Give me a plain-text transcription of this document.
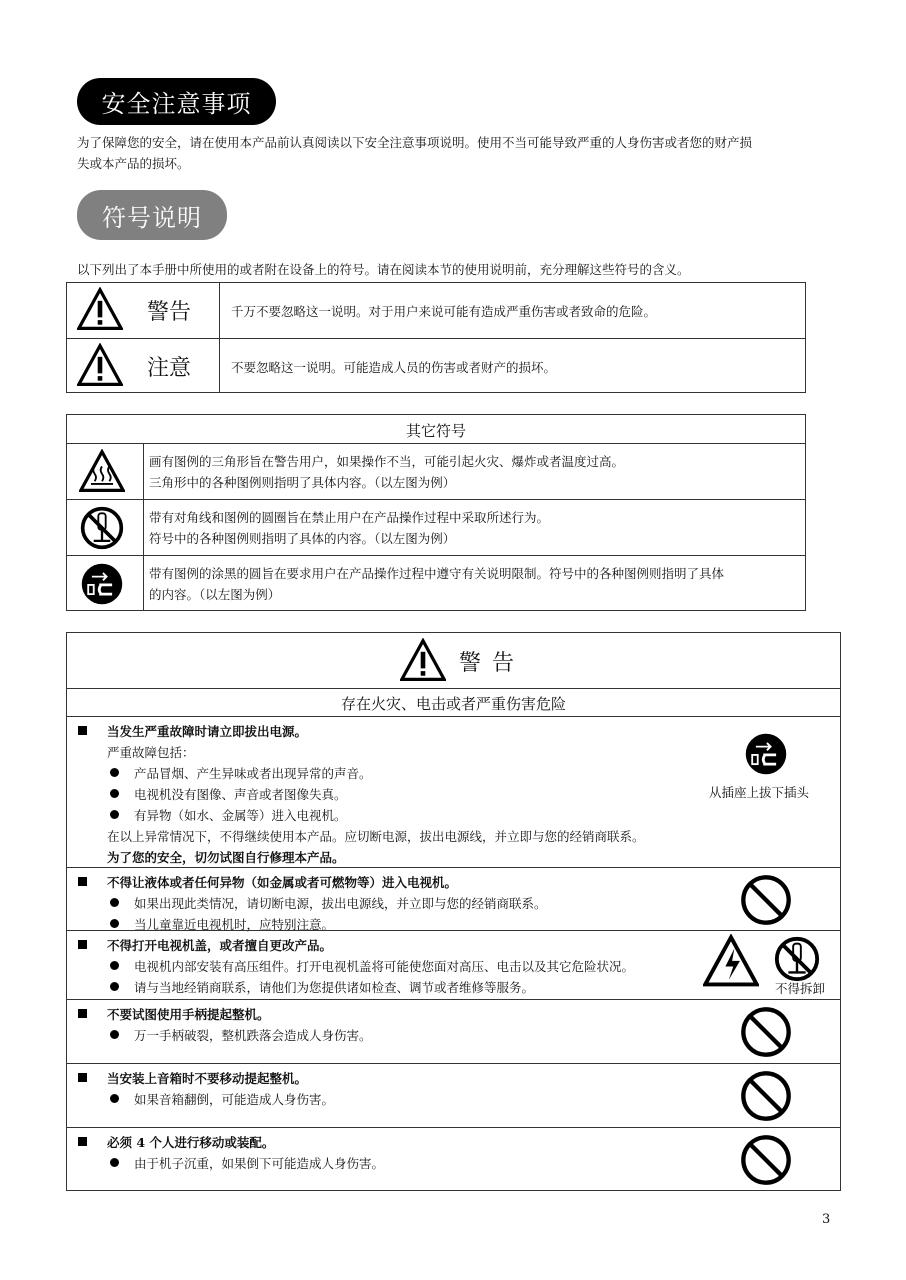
安全注意事项
为了保障您的安全，请在使用本产品前认真阅读以下安全注意事项说明。使用不当可能导致严重的人身伤害或者您的财产损
失或本产品的损坏。
符号说明
以下列出了本手册中所使用的或者附在设备上的符号。请在阅读本节的使用说明前，充分理解这些符号的含义。
警告	千万不要忽略这一说明。对于用户来说可能有造成严重伤害或者致命的危险。
注意	不要忽略这一说明。可能造成人员的伤害或者财产的损坏。
其它符号
画有图例的三角形旨在警告用户，如果操作不当，可能引起火灾、爆炸或者温度过高。
三角形中的各种图例则指明了具体内容。（以左图为例）
带有对角线和图例的圆圈旨在禁止用户在产品操作过程中采取所述行为。
符号中的各种图例则指明了具体的内容。（以左图为例）
带有图例的涂黑的圆旨在要求用户在产品操作过程中遵守有关说明限制。符号中的各种图例则指明了具体
的内容。（以左图为例）
警 告
存在火灾、电击或者严重伤害危险
当发生严重故障时请立即拔出电源。
严重故障包括：
产品冒烟、产生异味或者出现异常的声音。
电视机没有图像、声音或者图像失真。
有异物（如水、金属等）进入电视机。
在以上异常情况下，不得继续使用本产品。应切断电源，拔出电源线，并立即与您的经销商联系。
为了您的安全，切勿试图自行修理本产品。
从插座上拔下插头
不得让液体或者任何异物（如金属或者可燃物等）进入电视机。
如果出现此类情况，请切断电源，拔出电源线，并立即与您的经销商联系。
当儿童靠近电视机时，应特别注意。
不得打开电视机盖，或者擅自更改产品。
电视机内部安装有高压组件。打开电视机盖将可能使您面对高压、电击以及其它危险状况。
请与当地经销商联系，请他们为您提供诸如检查、调节或者维修等服务。	不得拆卸
不要试图使用手柄提起整机。
万一手柄破裂，整机跌落会造成人身伤害。
当安装上音箱时不要移动提起整机。
如果音箱翻倒，可能造成人身伤害。
必须 4 个人进行移动或装配。
由于机子沉重，如果倒下可能造成人身伤害。
3
